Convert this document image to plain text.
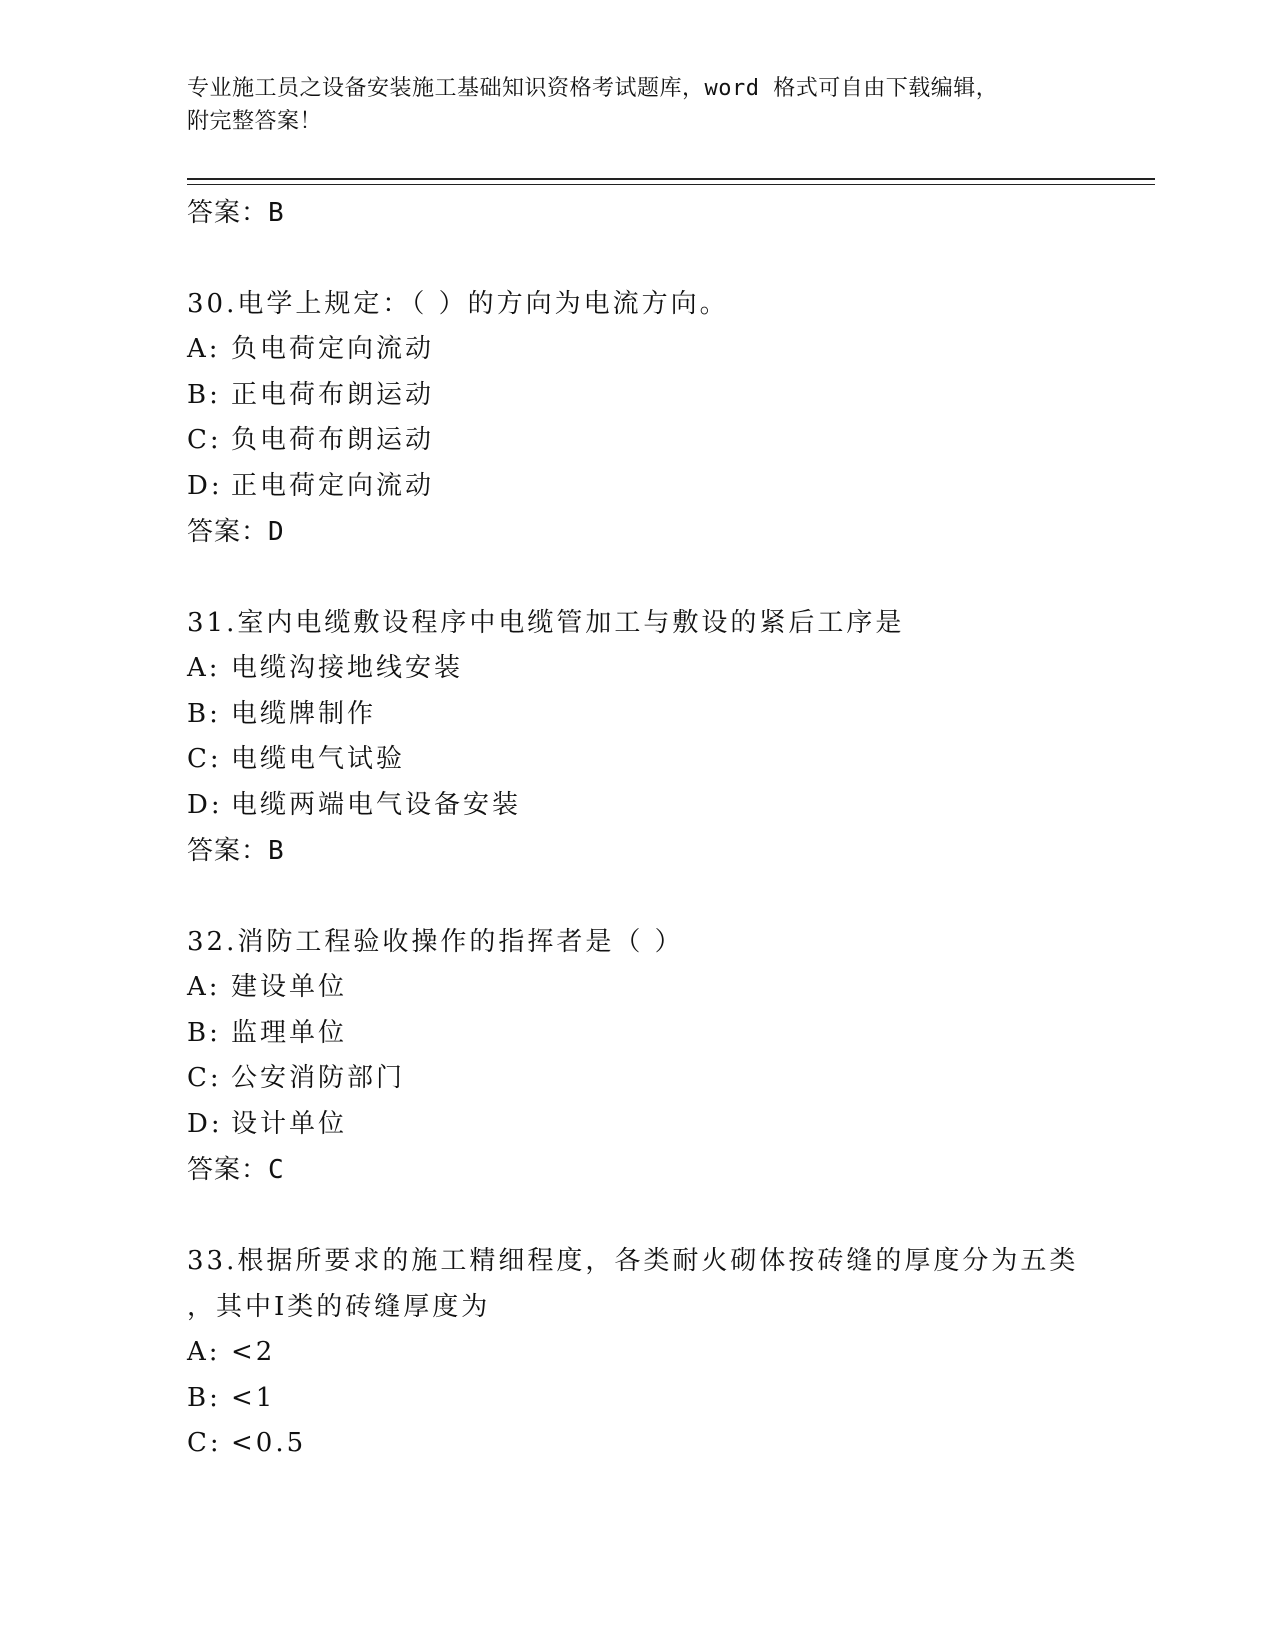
专业施工员之设备安装施工基础知识资格考试题库，word 格式可自由下载编辑，
附完整答案！
答案：B
30.电学上规定：（ ）的方向为电流方向。
A: 负电荷定向流动
B: 正电荷布朗运动
C: 负电荷布朗运动
D: 正电荷定向流动
答案：D
31.室内电缆敷设程序中电缆管加工与敷设的紧后工序是
A: 电缆沟接地线安装
B: 电缆牌制作
C: 电缆电气试验
D: 电缆两端电气设备安装
答案：B
32.消防工程验收操作的指挥者是（ ）
A: 建设单位
B: 监理单位
C: 公安消防部门
D: 设计单位
答案：C
33.根据所要求的施工精细程度，各类耐火砌体按砖缝的厚度分为五类
，其中Ⅰ类的砖缝厚度为
A: <2
B: <1
C: <0.5
